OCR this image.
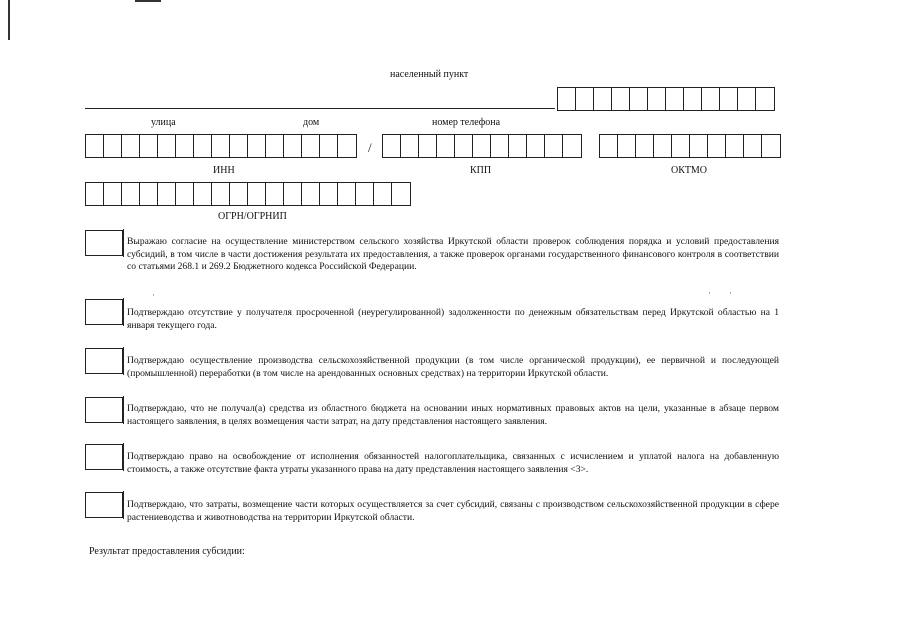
населенный пункт
улица	дом	номер телефона
/
ИНН	КПП	ОКТМО
ОГРН/ОГРНИП
Выражаю согласие на осуществление министерством сельского хозяйства Иркутской области проверок соблюдения порядка и условий предоставления субсидий, в том числе в части достижения результата их предоставления, а также проверок органами государственного финансового контроля в соответствии со статьями 268.1 и 269.2 Бюджетного кодекса Российской Федерации.
·	·        ·
Подтверждаю отсутствие у получателя просроченной (неурегулированной) задолженности по денежным обязательствам перед Иркутской областью на 1 января текущего года.
Подтверждаю осуществление производства сельскохозяйственной продукции (в том числе органической продукции), ее первичной и последующей (промышленной) переработки (в том числе на арендованных основных средствах) на территории Иркутской области.
Подтверждаю, что не получал(а) средства из областного бюджета на основании иных нормативных правовых актов на цели, указанные в абзаце первом настоящего заявления, в целях возмещения части затрат, на дату представления настоящего заявления.
Подтверждаю право на освобождение от исполнения обязанностей налогоплательщика, связанных с исчислением и уплатой налога на добавленную стоимость, а также отсутствие факта утраты указанного права на дату представления настоящего заявления <3>.
Подтверждаю, что затраты, возмещение части которых осуществляется за счет субсидий, связаны с производством сельскохозяйственной продукции в сфере растениеводства и животноводства на территории Иркутской области.
Результат предоставления субсидии:
